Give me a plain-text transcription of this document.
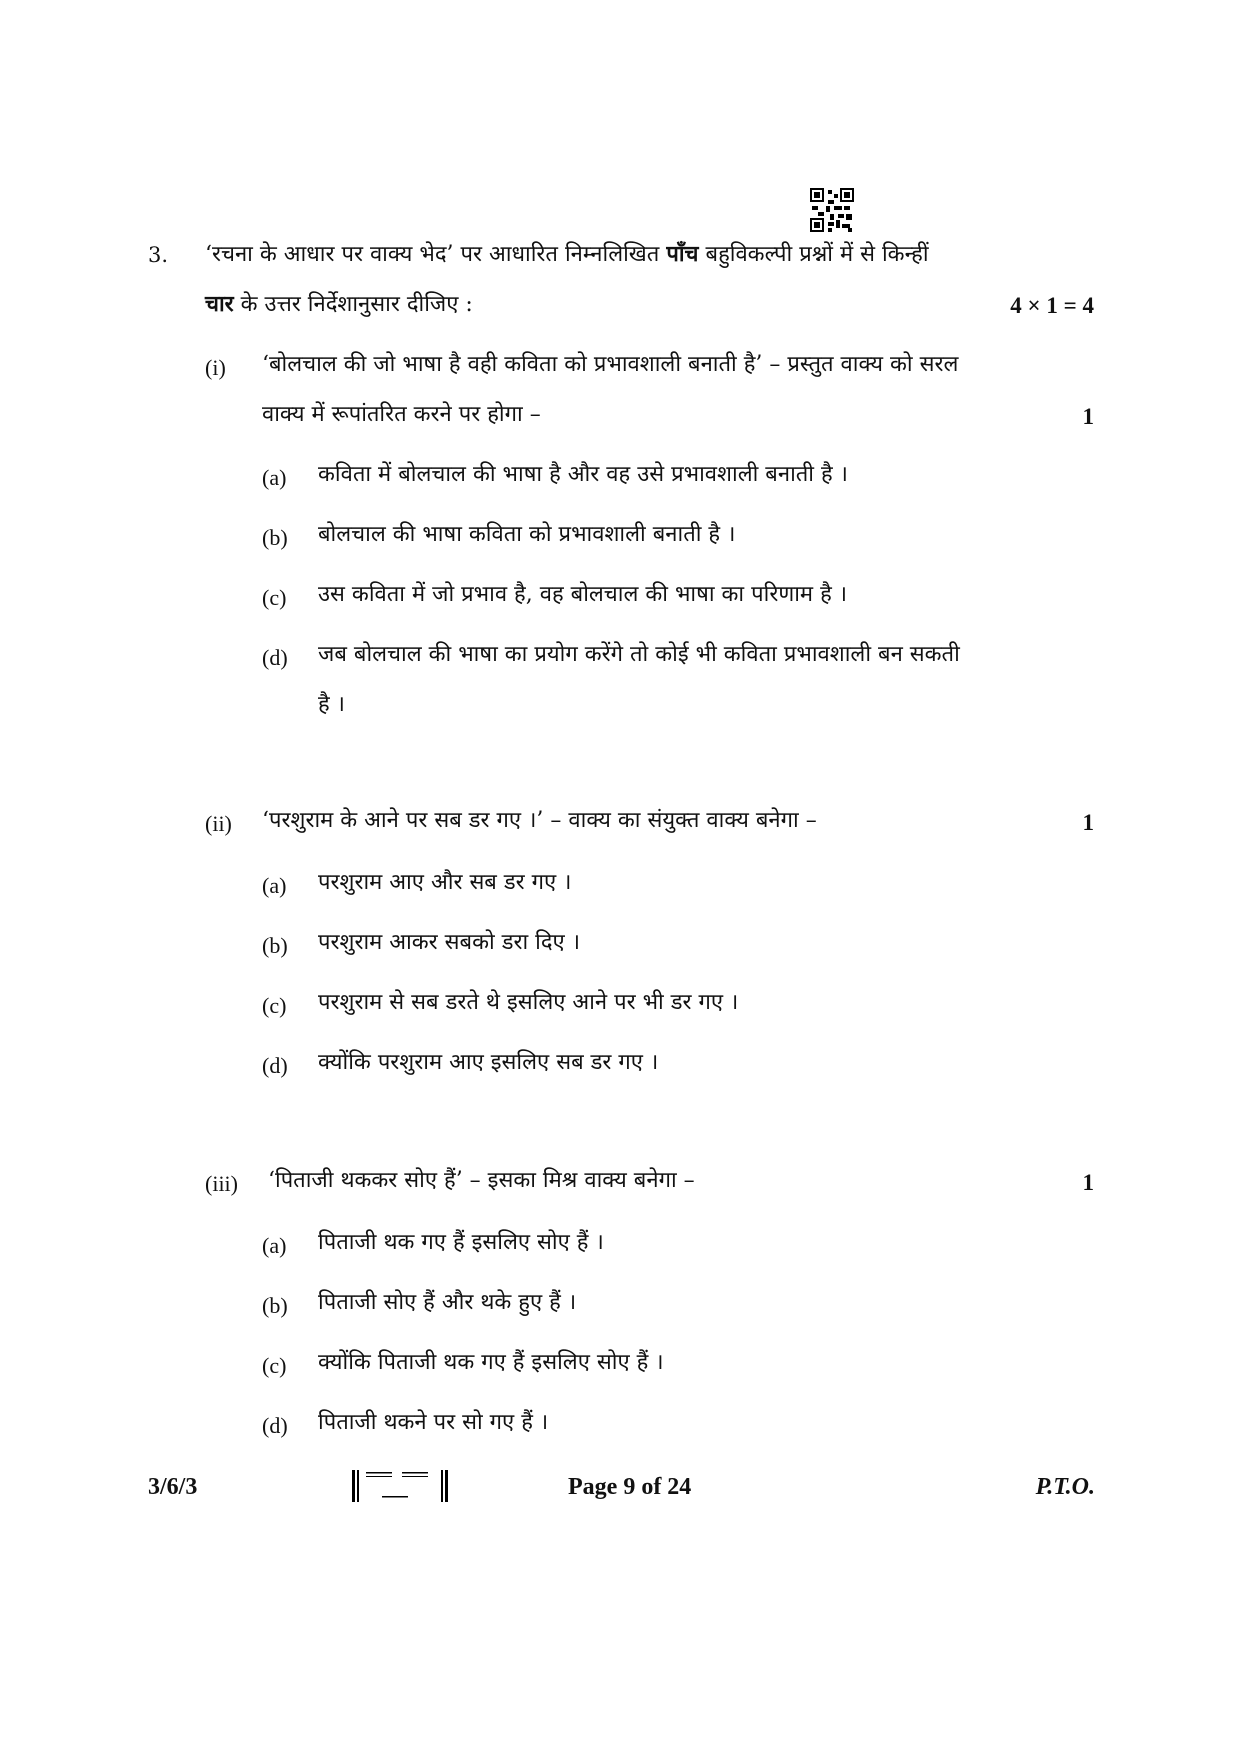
3. ‘रचना के आधार पर वाक्य भेद’ पर आधारित निम्नलिखित पाँच बहुविकल्पी प्रश्नों में से किन्हीं
चार के उत्तर निर्देशानुसार दीजिए :	4 × 1 = 4
(i) ‘बोलचाल की जो भाषा है वही कविता को प्रभावशाली बनाती है’ – प्रस्तुत वाक्य को सरल
वाक्य में रूपांतरित करने पर होगा –	1
(a) कविता में बोलचाल की भाषा है और वह उसे प्रभावशाली बनाती है ।
(b) बोलचाल की भाषा कविता को प्रभावशाली बनाती है ।
(c) उस कविता में जो प्रभाव है, वह बोलचाल की भाषा का परिणाम है ।
(d) जब बोलचाल की भाषा का प्रयोग करेंगे तो कोई भी कविता प्रभावशाली बन सकती
है ।
(ii) ‘परशुराम के आने पर सब डर गए ।’ – वाक्य का संयुक्त वाक्य बनेगा –	1
(a) परशुराम आए और सब डर गए ।
(b) परशुराम आकर सबको डरा दिए ।
(c) परशुराम से सब डरते थे इसलिए आने पर भी डर गए ।
(d) क्योंकि परशुराम आए इसलिए सब डर गए ।
(iii) ‘पिताजी थककर सोए हैं’ – इसका मिश्र वाक्य बनेगा –	1
(a) पिताजी थक गए हैं इसलिए सोए हैं ।
(b) पिताजी सोए हैं और थके हुए हैं ।
(c) क्योंकि पिताजी थक गए हैं इसलिए सोए हैं ।
(d) पिताजी थकने पर सो गए हैं ।
3/6/3	Page 9 of 24	P.T.O.
